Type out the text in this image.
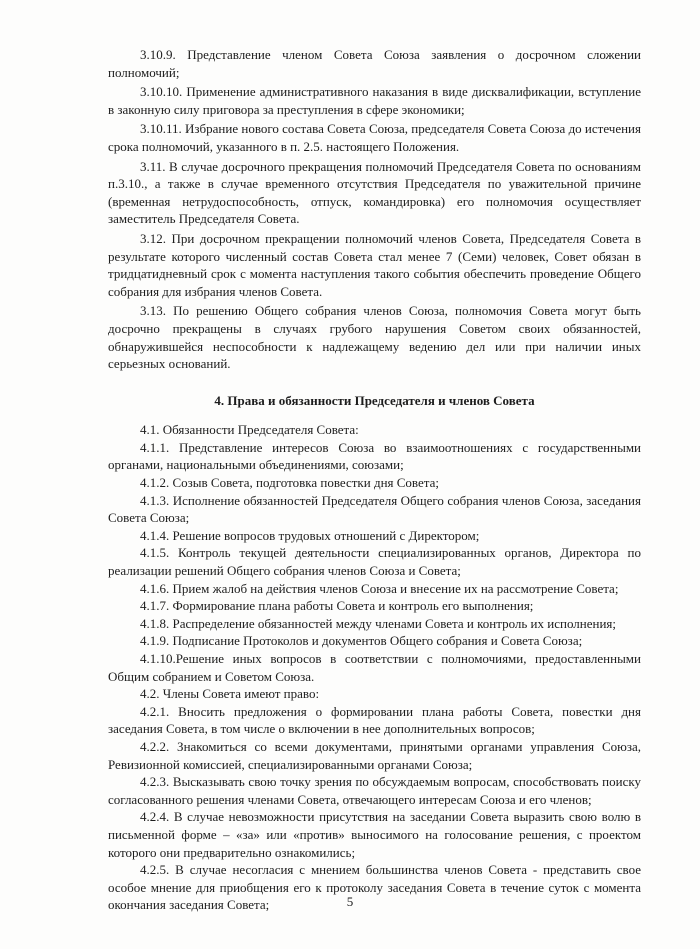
3.10.9. Представление членом Совета Союза заявления о досрочном сложении полномочий;

3.10.10. Применение административного наказания в виде дисквалификации, вступление в законную силу приговора за преступления в сфере экономики;

3.10.11. Избрание нового состава Совета Союза, председателя Совета Союза до истечения срока полномочий, указанного в п. 2.5. настоящего Положения.

3.11. В случае досрочного прекращения полномочий Председателя Совета по основаниям п.3.10., а также в случае временного отсутствия Председателя по уважительной причине (временная нетрудоспособность, отпуск, командировка) его полномочия осуществляет заместитель Председателя Совета.

3.12. При досрочном прекращении полномочий членов Совета, Председателя Совета в результате которого численный состав Совета стал менее 7 (Семи) человек, Совет обязан в тридцатидневный срок с момента наступления такого события обеспечить проведение Общего собрания для избрания членов Совета.

3.13. По решению Общего собрания членов Союза, полномочия Совета могут быть досрочно прекращены в случаях грубого нарушения Советом своих обязанностей, обнаружившейся неспособности к надлежащему ведению дел или при наличии иных серьезных оснований.

4. Права и обязанности Председателя и членов Совета

4.1. Обязанности Председателя Совета:

4.1.1. Представление интересов Союза во взаимоотношениях с государственными органами, национальными объединениями, союзами;

4.1.2. Созыв Совета, подготовка повестки дня Совета;

4.1.3. Исполнение обязанностей Председателя Общего собрания членов Союза, заседания Совета Союза;

4.1.4. Решение вопросов трудовых отношений с Директором;

4.1.5. Контроль текущей деятельности специализированных органов, Директора по реализации решений Общего собрания членов Союза и Совета;

4.1.6. Прием жалоб на действия членов Союза и внесение их на рассмотрение Совета;

4.1.7. Формирование плана работы Совета и контроль его выполнения;

4.1.8. Распределение обязанностей между членами Совета и контроль их исполнения;

4.1.9. Подписание Протоколов и документов Общего собрания и Совета Союза;

4.1.10.Решение иных вопросов в соответствии с полномочиями, предоставленными Общим собранием и Советом Союза.

4.2. Члены Совета имеют право:

4.2.1. Вносить предложения о формировании плана работы Совета, повестки дня заседания Совета, в том числе о включении в нее дополнительных вопросов;

4.2.2. Знакомиться со всеми документами, принятыми органами управления Союза, Ревизионной комиссией, специализированными органами Союза;

4.2.3. Высказывать свою точку зрения по обсуждаемым вопросам, способствовать поиску согласованного решения членами Совета, отвечающего интересам Союза и его членов;

4.2.4. В случае невозможности присутствия на заседании Совета выразить свою волю в письменной форме – «за» или «против» выносимого на голосование решения, с проектом которого они предварительно ознакомились;

4.2.5. В случае несогласия с мнением большинства членов Совета - представить свое особое мнение для приобщения его к протоколу заседания Совета в течение суток с момента окончания заседания Совета;	5
